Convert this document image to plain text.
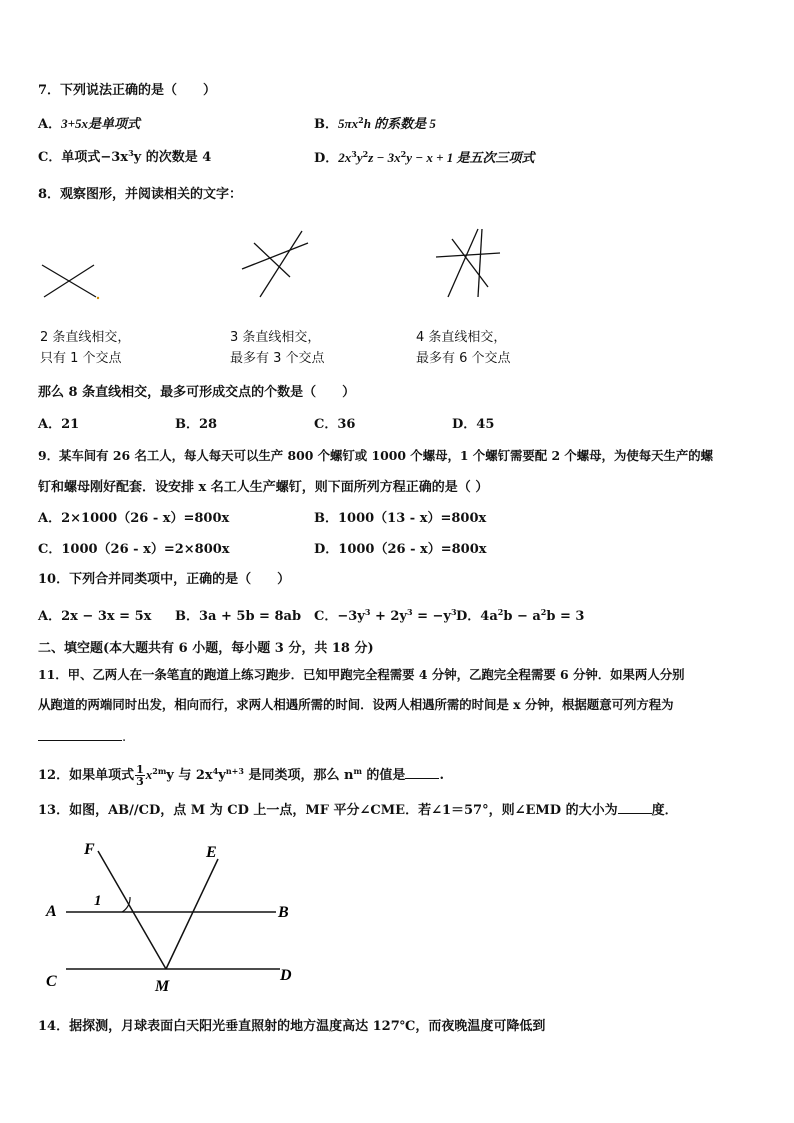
7．下列说法正确的是（　　）
A．3+5x是单项式	B．$5\pi x^2h$ 的系数是 5
C．单项式$-3x^3y$ 的次数是 4	D．$2x^3y^2z - 3x^2y - x + 1$ 是五次三项式
8．观察图形，并阅读相关的文字：
2 条直线相交，
只有 1 个交点
3 条直线相交，
最多有 3 个交点
4 条直线相交，
最多有 6 个交点
那么 8 条直线相交，最多可形成交点的个数是（　　）
A．21	B．28	C．36	D．45
9．某车间有 26 名工人，每人每天可以生产 800 个螺钉或 1000 个螺母，1 个螺钉需要配 2 个螺母，为使每天生产的螺
钉和螺母刚好配套．设安排 x 名工人生产螺钉，则下面所列方程正确的是（ ）
A．2×1000（26 - x）=800x	B．1000（13 - x）=800x
C．1000（26 - x）=2×800x	D．1000（26 - x）=800x
10．下列合并同类项中，正确的是（　　）
A．2x − 3x = 5x B．3a + 5b = 8ab C．$-3y^3 + 2y^3 = -y^3$ D．$4a^2b - a^2b = 3$
二、填空题(本大题共有 6 小题，每小题 3 分，共 18 分)
11．甲、乙两人在一条笔直的跑道上练习跑步．已知甲跑完全程需要 4 分钟，乙跑完全程需要 6 分钟．如果两人分别
从跑道的两端同时出发，相向而行，求两人相遇所需的时间．设两人相遇所需的时间是 x 分钟，根据题意可列方程为
.
12．如果单项式 $\frac{1}{3} x^{2m}y$ 与 $2x^4y^{n+3}$ 是同类项，那么 $n^m$ 的值是	.
13．如图，AB//CD，点 M 为 CD 上一点，MF 平分∠CME．若∠1＝57°，则∠EMD 的大小为	度．
F	E
A	B
C	D
M
1
14．据探测，月球表面白天阳光垂直照射的地方温度高达 127℃，而夜晚温度可降低到
